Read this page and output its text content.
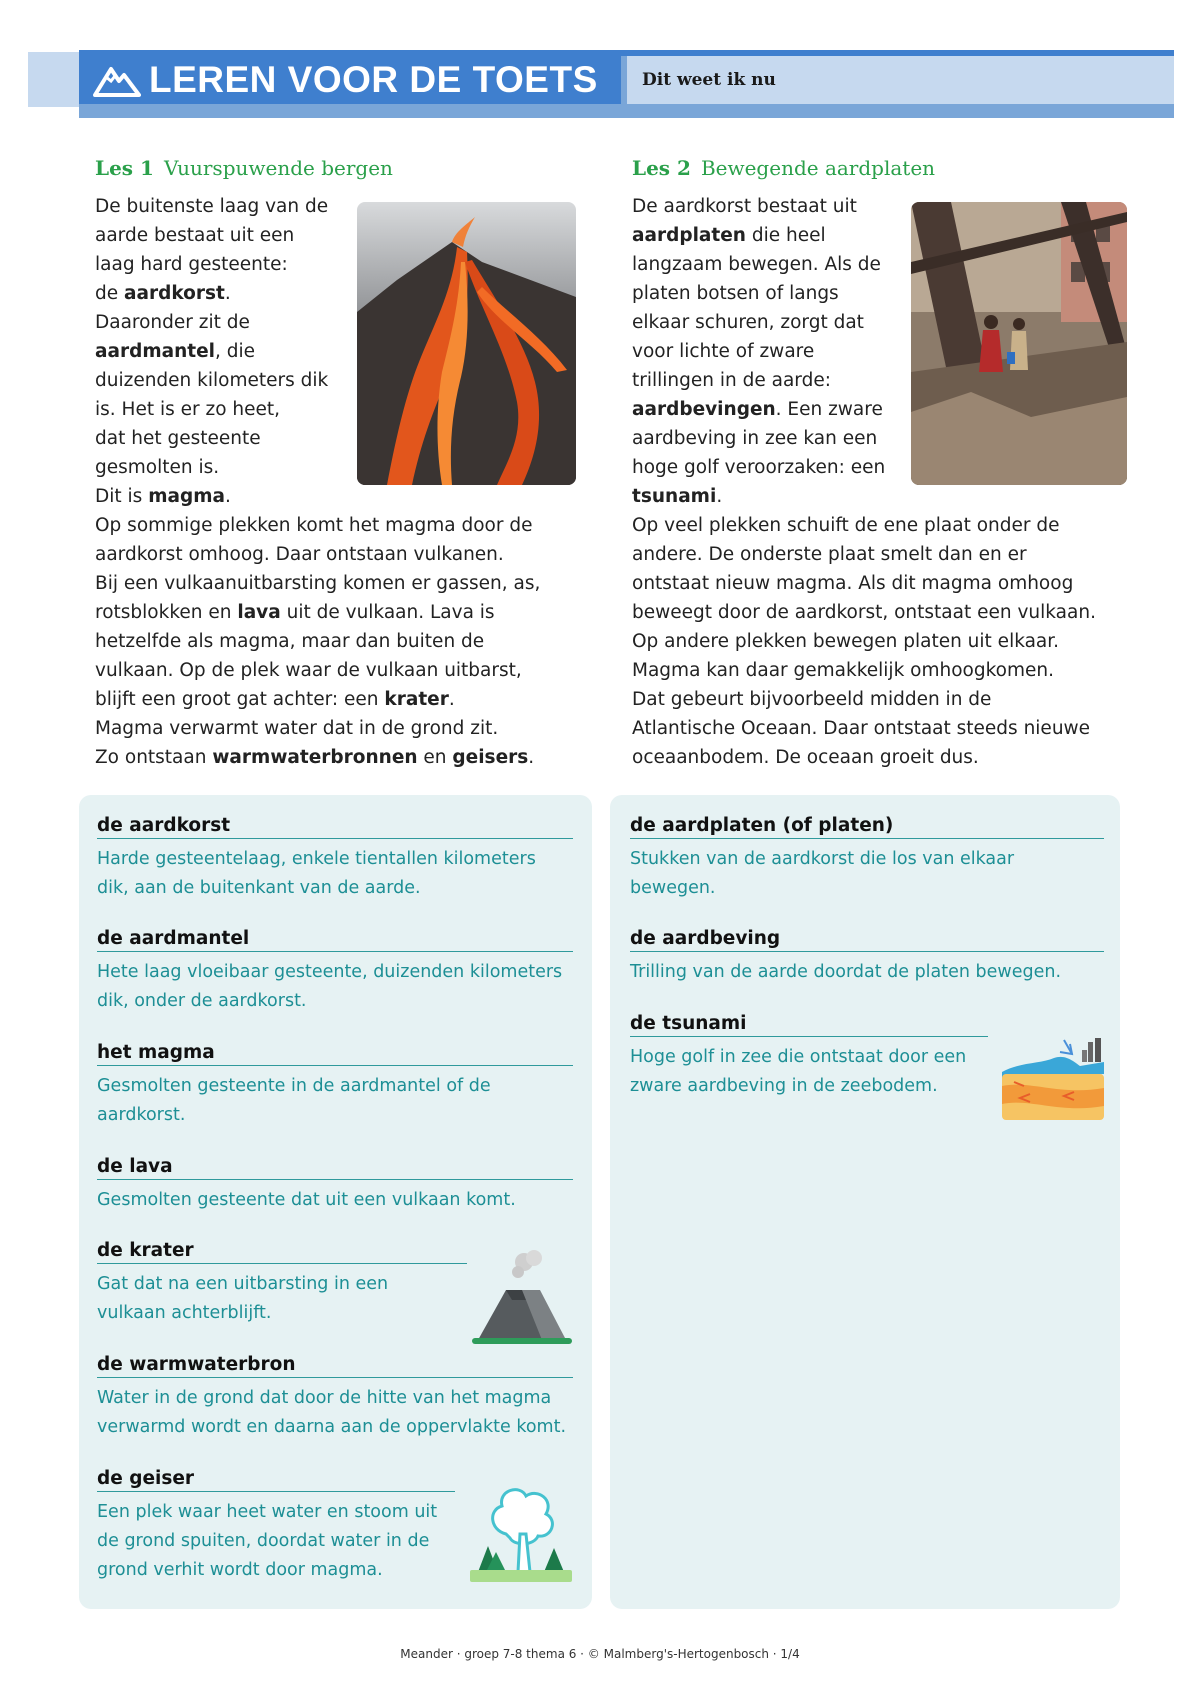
LEREN VOOR DE TOETS	Dit weet ik nu
Les 1 Vuurspuwende bergen
De buitenste laag van de
aarde bestaat uit een
laag hard gesteente:
de aardkorst.
Daaronder zit de
aardmantel, die
duizenden kilometers dik
is. Het is er zo heet,
dat het gesteente
gesmolten is.
Dit is magma.
Op sommige plekken komt het magma door de
aardkorst omhoog. Daar ontstaan vulkanen.
Bij een vulkaanuitbarsting komen er gassen, as,
rotsblokken en lava uit de vulkaan. Lava is
hetzelfde als magma, maar dan buiten de
vulkaan. Op de plek waar de vulkaan uitbarst,
blijft een groot gat achter: een krater.
Magma verwarmt water dat in de grond zit.
Zo ontstaan warmwaterbronnen en geisers.
Les 2 Bewegende aardplaten
De aardkorst bestaat uit
aardplaten die heel
langzaam bewegen. Als de
platen botsen of langs
elkaar schuren, zorgt dat
voor lichte of zware
trillingen in de aarde:
aardbevingen. Een zware
aardbeving in zee kan een
hoge golf veroorzaken: een
tsunami.
Op veel plekken schuift de ene plaat onder de
andere. De onderste plaat smelt dan en er
ontstaat nieuw magma. Als dit magma omhoog
beweegt door de aardkorst, ontstaat een vulkaan.
Op andere plekken bewegen platen uit elkaar.
Magma kan daar gemakkelijk omhoogkomen.
Dat gebeurt bijvoorbeeld midden in de
Atlantische Oceaan. Daar ontstaat steeds nieuwe
oceaanbodem. De oceaan groeit dus.
de aardkorst
Harde gesteentelaag, enkele tientallen kilometers
dik, aan de buitenkant van de aarde.
de aardmantel
Hete laag vloeibaar gesteente, duizenden kilometers
dik, onder de aardkorst.
het magma
Gesmolten gesteente in de aardmantel of de
aardkorst.
de lava
Gesmolten gesteente dat uit een vulkaan komt.
de krater
Gat dat na een uitbarsting in een
vulkaan achterblijft.
de warmwaterbron
Water in de grond dat door de hitte van het magma
verwarmd wordt en daarna aan de oppervlakte komt.
de geiser
Een plek waar heet water en stoom uit
de grond spuiten, doordat water in de
grond verhit wordt door magma.
de aardplaten (of platen)
Stukken van de aardkorst die los van elkaar
bewegen.
de aardbeving
Trilling van de aarde doordat de platen bewegen.
de tsunami
Hoge golf in zee die ontstaat door een
zware aardbeving in de zeebodem.
Meander · groep 7-8 thema 6 · © Malmberg's-Hertogenbosch · 1/4
